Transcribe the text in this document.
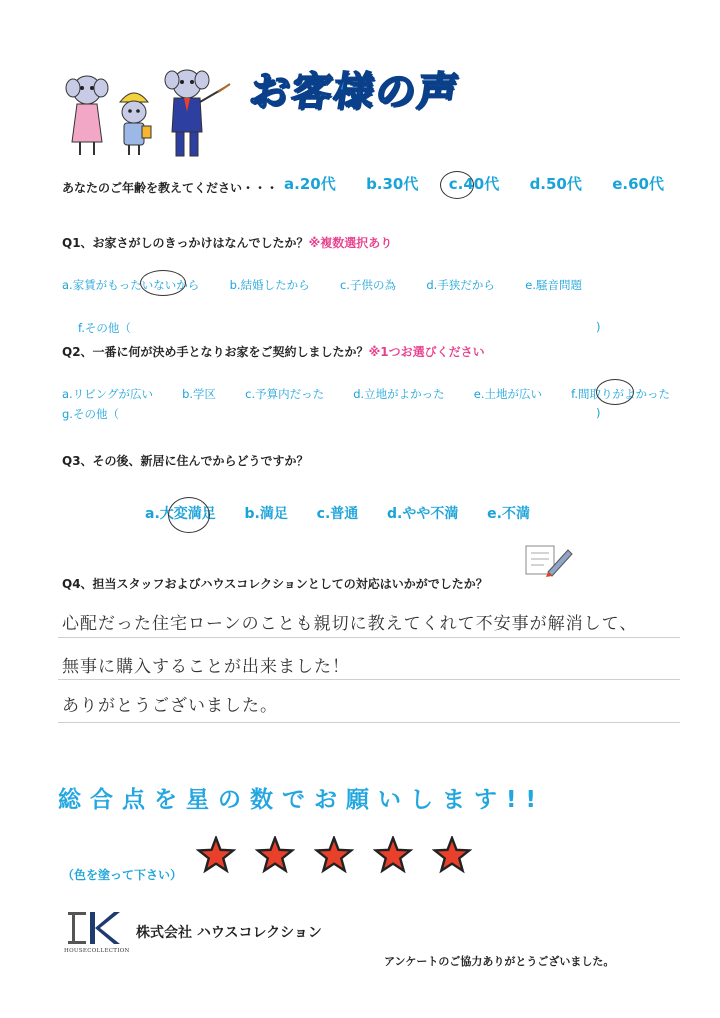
お客様の声
あなたのご年齢を教えてください・・・ a.20代 b.30代 c.40代 d.50代 e.60代
Q1、お家さがしのきっかけはなんでしたか？※複数選択あり
a.家賃がもったいないから	b.結婚したから	c.子供の為	d.手狭だから	e.騒音問題
f.その他（	)
Q2、一番に何が決め手となりお家をご契約しましたか？※1つお選びください
a.リビングが広い	b.学区	c.予算内だった	d.立地がよかった	e.土地が広い	f.間取りがよかった
g.その他（	)
Q3、その後、新居に住んでからどうですか？
a.大変満足 b.満足 c.普通 d.やや不満 e.不満
Q4、担当スタッフおよびハウスコレクションとしての対応はいかがでしたか？
心配だった住宅ローンのことも親切に教えてくれて不安事が解消して、
無事に購入することが出来ました！
ありがとうございました。
総合点を星の数でお願いします!!
（色を塗って下さい）
HOUSECOLLECTION
株式会社 ハウスコレクション
アンケートのご協力ありがとうございました。
